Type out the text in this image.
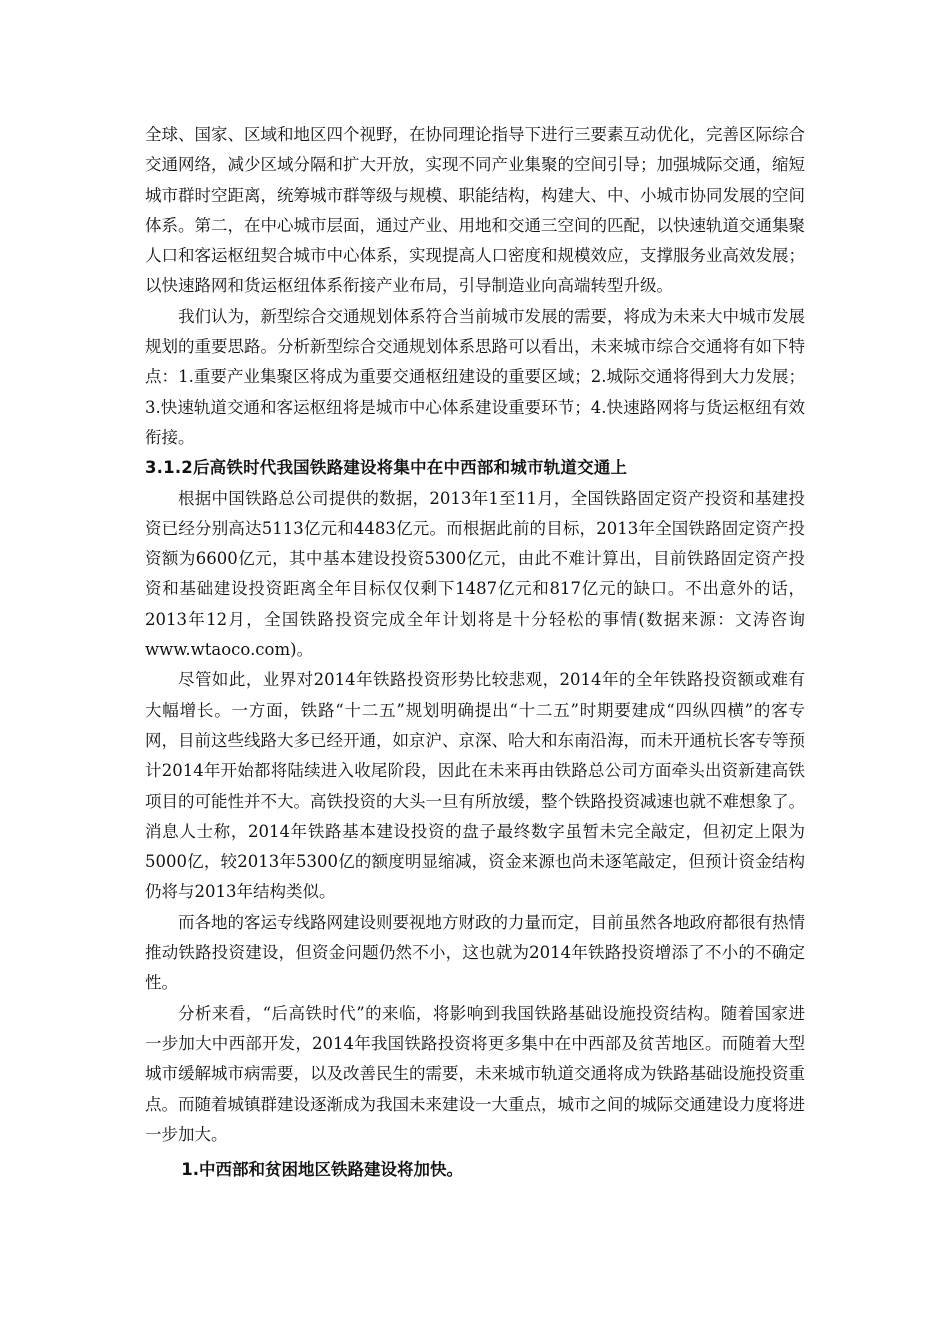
全球、国家、区域和地区四个视野，在协同理论指导下进行三要素互动优化，完善区际综合交通网络，减少区域分隔和扩大开放，实现不同产业集聚的空间引导；加强城际交通，缩短城市群时空距离，统筹城市群等级与规模、职能结构，构建大、中、小城市协同发展的空间体系。第二，在中心城市层面，通过产业、用地和交通三空间的匹配，以快速轨道交通集聚人口和客运枢纽契合城市中心体系，实现提高人口密度和规模效应，支撑服务业高效发展；以快速路网和货运枢纽体系衔接产业布局，引导制造业向高端转型升级。

我们认为，新型综合交通规划体系符合当前城市发展的需要，将成为未来大中城市发展规划的重要思路。分析新型综合交通规划体系思路可以看出，未来城市综合交通将有如下特点：1.重要产业集聚区将成为重要交通枢纽建设的重要区域；2.城际交通将得到大力发展；3.快速轨道交通和客运枢纽将是城市中心体系建设重要环节；4.快速路网将与货运枢纽有效衔接。

3.1.2后高铁时代我国铁路建设将集中在中西部和城市轨道交通上

根据中国铁路总公司提供的数据，2013年1至11月，全国铁路固定资产投资和基建投资已经分别高达5113亿元和4483亿元。而根据此前的目标，2013年全国铁路固定资产投资额为6600亿元，其中基本建设投资5300亿元，由此不难计算出，目前铁路固定资产投资和基础建设投资距离全年目标仅仅剩下1487亿元和817亿元的缺口。不出意外的话，2013年12月，全国铁路投资完成全年计划将是十分轻松的事情(数据来源：文涛咨询www.wtaoco.com)。

尽管如此，业界对2014年铁路投资形势比较悲观，2014年的全年铁路投资额或难有大幅增长。一方面，铁路“十二五”规划明确提出“十二五”时期要建成“四纵四横”的客专网，目前这些线路大多已经开通，如京沪、京深、哈大和东南沿海，而未开通杭长客专等预计2014年开始都将陆续进入收尾阶段，因此在未来再由铁路总公司方面牵头出资新建高铁项目的可能性并不大。高铁投资的大头一旦有所放缓，整个铁路投资减速也就不难想象了。消息人士称，2014年铁路基本建设投资的盘子最终数字虽暂未完全敲定，但初定上限为5000亿，较2013年5300亿的额度明显缩减，资金来源也尚未逐笔敲定，但预计资金结构仍将与2013年结构类似。

而各地的客运专线路网建设则要视地方财政的力量而定，目前虽然各地政府都很有热情推动铁路投资建设，但资金问题仍然不小，这也就为2014年铁路投资增添了不小的不确定性。

分析来看，“后高铁时代”的来临，将影响到我国铁路基础设施投资结构。随着国家进一步加大中西部开发，2014年我国铁路投资将更多集中在中西部及贫苦地区。而随着大型城市缓解城市病需要，以及改善民生的需要，未来城市轨道交通将成为铁路基础设施投资重点。而随着城镇群建设逐渐成为我国未来建设一大重点，城市之间的城际交通建设力度将进一步加大。

1.中西部和贫困地区铁路建设将加快。
